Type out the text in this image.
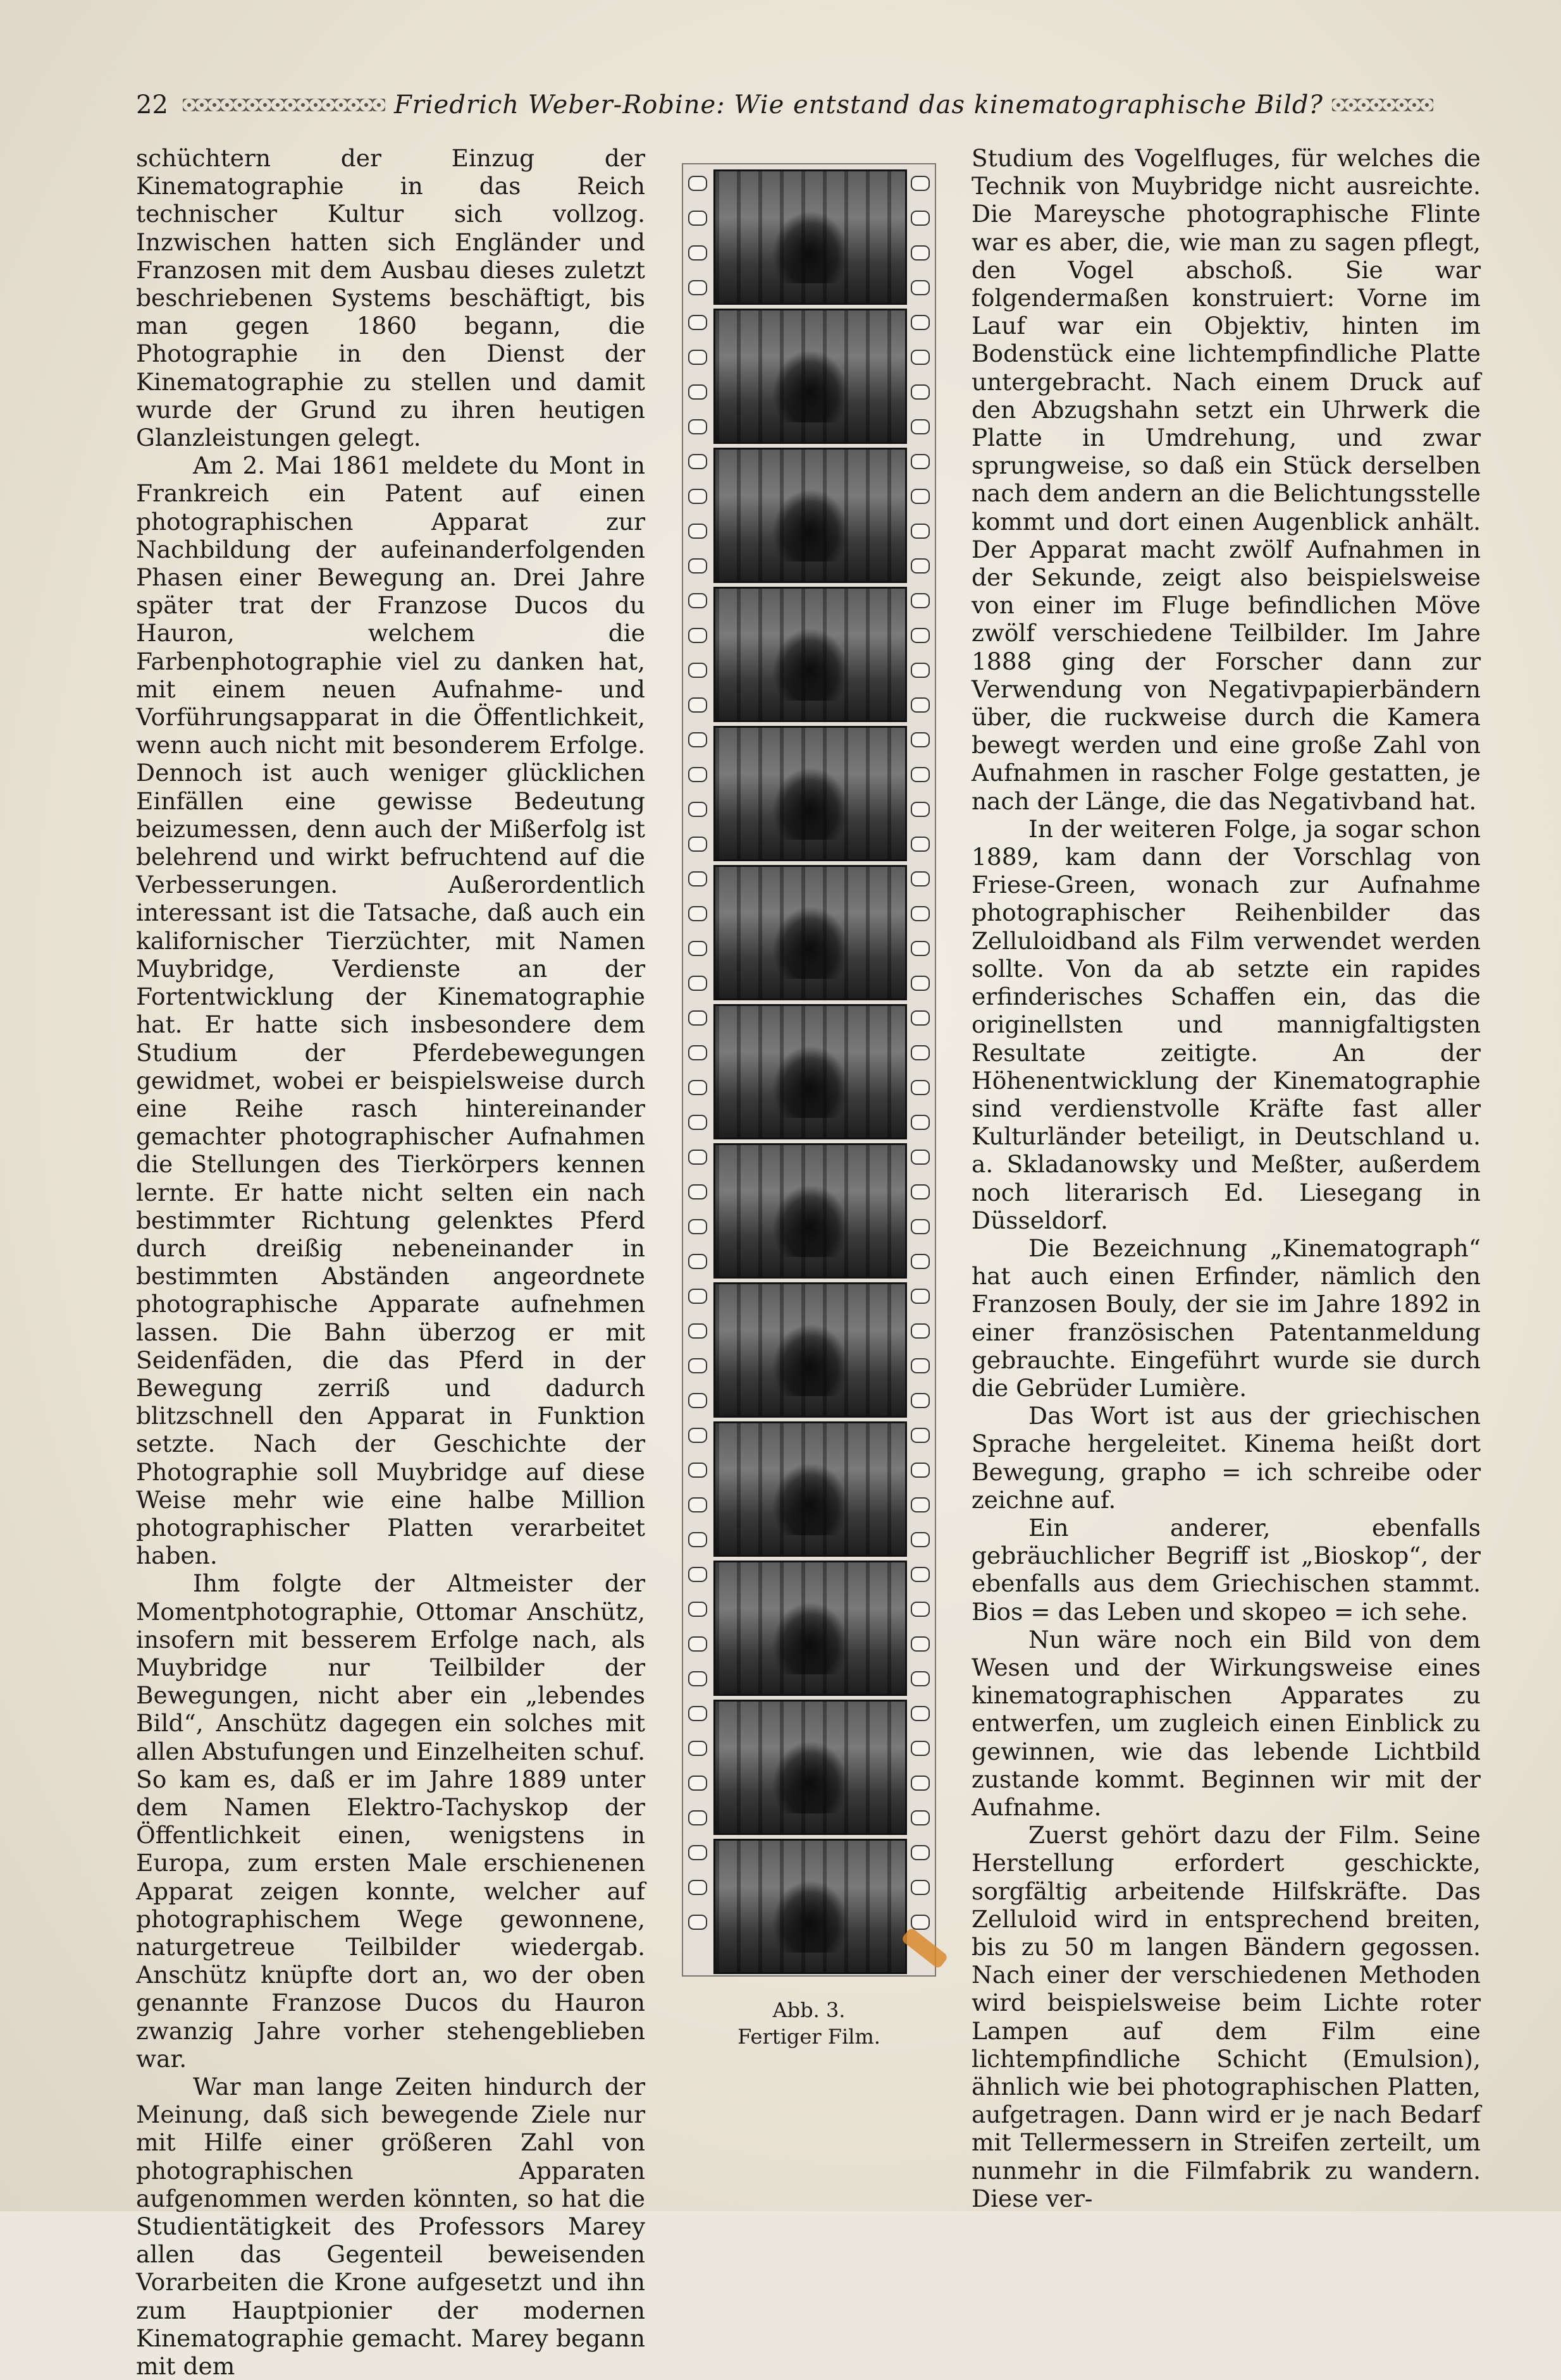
22	Friedrich Weber-Robine: Wie entstand das kinematographische Bild?

schüchtern der Einzug der Kinematographie in das Reich technischer Kultur sich vollzog. Inzwischen hatten sich Engländer und Franzosen mit dem Ausbau dieses zuletzt beschriebenen Systems beschäftigt, bis man gegen 1860 begann, die Photographie in den Dienst der Kinematographie zu stellen und damit wurde der Grund zu ihren heutigen Glanzleistungen gelegt.

Am 2. Mai 1861 meldete du Mont in Frankreich ein Patent auf einen photographischen Apparat zur Nachbildung der aufeinanderfolgenden Phasen einer Bewegung an. Drei Jahre später trat der Franzose Ducos du Hauron, welchem die Farbenphotographie viel zu danken hat, mit einem neuen Aufnahme- und Vorführungsapparat in die Öffentlichkeit, wenn auch nicht mit besonderem Erfolge. Dennoch ist auch weniger glücklichen Einfällen eine gewisse Bedeutung beizumessen, denn auch der Mißerfolg ist belehrend und wirkt befruchtend auf die Verbesserungen. Außerordentlich interessant ist die Tatsache, daß auch ein kalifornischer Tierzüchter, mit Namen Muybridge, Verdienste an der Fortentwicklung der Kinematographie hat. Er hatte sich insbesondere dem Studium der Pferdebewegungen gewidmet, wobei er beispielsweise durch eine Reihe rasch hintereinander gemachter photographischer Aufnahmen die Stellungen des Tierkörpers kennen lernte. Er hatte nicht selten ein nach bestimmter Richtung gelenktes Pferd durch dreißig nebeneinander in bestimmten Abständen angeordnete photographische Apparate aufnehmen lassen. Die Bahn überzog er mit Seidenfäden, die das Pferd in der Bewegung zerriß und dadurch blitzschnell den Apparat in Funktion setzte. Nach der Geschichte der Photographie soll Muybridge auf diese Weise mehr wie eine halbe Million photographischer Platten verarbeitet haben.

Ihm folgte der Altmeister der Momentphotographie, Ottomar Anschütz, insofern mit besserem Erfolge nach, als Muybridge nur Teilbilder der Bewegungen, nicht aber ein „lebendes Bild“, Anschütz dagegen ein solches mit allen Abstufungen und Einzelheiten schuf. So kam es, daß er im Jahre 1889 unter dem Namen Elektro-Tachyskop der Öffentlichkeit einen, wenigstens in Europa, zum ersten Male erschienenen Apparat zeigen konnte, welcher auf photographischem Wege gewonnene, naturgetreue Teilbilder wiedergab. Anschütz knüpfte dort an, wo der oben genannte Franzose Ducos du Hauron zwanzig Jahre vorher stehengeblieben war.

War man lange Zeiten hindurch der Meinung, daß sich bewegende Ziele nur mit Hilfe einer größeren Zahl von photographischen Apparaten aufgenommen werden könnten, so hat die Studientätigkeit des Professors Marey allen das Gegenteil beweisenden Vorarbeiten die Krone aufgesetzt und ihn zum Hauptpionier der modernen Kinematographie gemacht. Marey begann mit dem

Abb. 3.
Fertiger Film.

Studium des Vogelfluges, für welches die Technik von Muybridge nicht ausreichte. Die Mareysche photographische Flinte war es aber, die, wie man zu sagen pflegt, den Vogel abschoß. Sie war folgendermaßen konstruiert: Vorne im Lauf war ein Objektiv, hinten im Bodenstück eine lichtempfindliche Platte untergebracht. Nach einem Druck auf den Abzugshahn setzt ein Uhrwerk die Platte in Umdrehung, und zwar sprungweise, so daß ein Stück derselben nach dem andern an die Belichtungsstelle kommt und dort einen Augenblick anhält. Der Apparat macht zwölf Aufnahmen in der Sekunde, zeigt also beispielsweise von einer im Fluge befindlichen Möve zwölf verschiedene Teilbilder. Im Jahre 1888 ging der Forscher dann zur Verwendung von Negativpapierbändern über, die ruckweise durch die Kamera bewegt werden und eine große Zahl von Aufnahmen in rascher Folge gestatten, je nach der Länge, die das Negativband hat.

In der weiteren Folge, ja sogar schon 1889, kam dann der Vorschlag von Friese-Green, wonach zur Aufnahme photographischer Reihenbilder das Zelluloidband als Film verwendet werden sollte. Von da ab setzte ein rapides erfinderisches Schaffen ein, das die originellsten und mannigfaltigsten Resultate zeitigte. An der Höhenentwicklung der Kinematographie sind verdienstvolle Kräfte fast aller Kulturländer beteiligt, in Deutschland u. a. Skladanowsky und Meßter, außerdem noch literarisch Ed. Liesegang in Düsseldorf.

Die Bezeichnung „Kinematograph“ hat auch einen Erfinder, nämlich den Franzosen Bouly, der sie im Jahre 1892 in einer französischen Patentanmeldung gebrauchte. Eingeführt wurde sie durch die Gebrüder Lumière.

Das Wort ist aus der griechischen Sprache hergeleitet. Kinema heißt dort Bewegung, grapho = ich schreibe oder zeichne auf.

Ein anderer, ebenfalls gebräuchlicher Begriff ist „Bioskop“, der ebenfalls aus dem Griechischen stammt. Bios = das Leben und skopeo = ich sehe.

Nun wäre noch ein Bild von dem Wesen und der Wirkungsweise eines kinematographischen Apparates zu entwerfen, um zugleich einen Einblick zu gewinnen, wie das lebende Lichtbild zustande kommt. Beginnen wir mit der Aufnahme.

Zuerst gehört dazu der Film. Seine Herstellung erfordert geschickte, sorgfältig arbeitende Hilfskräfte. Das Zelluloid wird in entsprechend breiten, bis zu 50 m langen Bändern gegossen. Nach einer der verschiedenen Methoden wird beispielsweise beim Lichte roter Lampen auf dem Film eine lichtempfindliche Schicht (Emulsion), ähnlich wie bei photographischen Platten, aufgetragen. Dann wird er je nach Bedarf mit Tellermessern in Streifen zerteilt, um nunmehr in die Filmfabrik zu wandern. Diese ver-
